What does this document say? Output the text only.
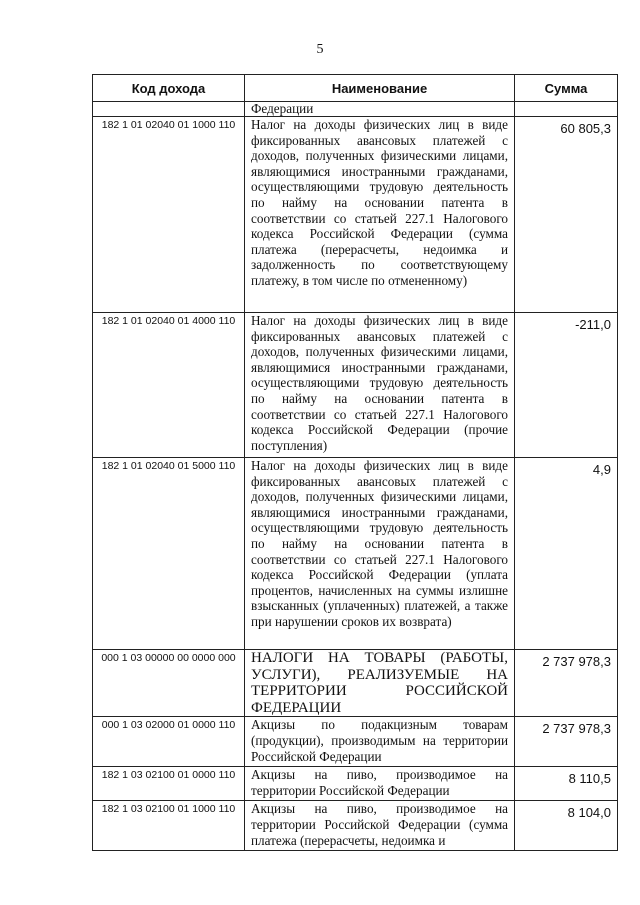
5
Код дохода	Наименование	Сумма
	Федерации	
182 1 01 02040 01 1000 110	Налог на доходы физических лиц в виде фиксированных авансовых платежей с доходов, полученных физическими лицами, являющимися иностранными гражданами, осуществляющими трудовую деятельность по найму на основании патента в соответствии со статьей 227.1 Налогового кодекса Российской Федерации (сумма платежа (перерасчеты, недоимка и задолженность по соответствующему платежу, в том числе по отмененному)	60 805,3
182 1 01 02040 01 4000 110	Налог на доходы физических лиц в виде фиксированных авансовых платежей с доходов, полученных физическими лицами, являющимися иностранными гражданами, осуществляющими трудовую деятельность по найму на основании патента в соответствии со статьей 227.1 Налогового кодекса Российской Федерации (прочие поступления)	-211,0
182 1 01 02040 01 5000 110	Налог на доходы физических лиц в виде фиксированных авансовых платежей с доходов, полученных физическими лицами, являющимися иностранными гражданами, осуществляющими трудовую деятельность по найму на основании патента в соответствии со статьей 227.1 Налогового кодекса Российской Федерации (уплата процентов, начисленных на суммы излишне взысканных (уплаченных) платежей, а также при нарушении сроков их возврата)	4,9
000 1 03 00000 00 0000 000	НАЛОГИ НА ТОВАРЫ (РАБОТЫ, УСЛУГИ), РЕАЛИЗУЕМЫЕ НА ТЕРРИТОРИИ РОССИЙСКОЙ ФЕДЕРАЦИИ	2 737 978,3
000 1 03 02000 01 0000 110	Акцизы по подакцизным товарам (продукции), производимым на территории Российской Федерации	2 737 978,3
182 1 03 02100 01 0000 110	Акцизы на пиво, производимое на территории Российской Федерации	8 110,5
182 1 03 02100 01 1000 110	Акцизы на пиво, производимое на территории Российской Федерации (сумма платежа (перерасчеты, недоимка и	8 104,0
